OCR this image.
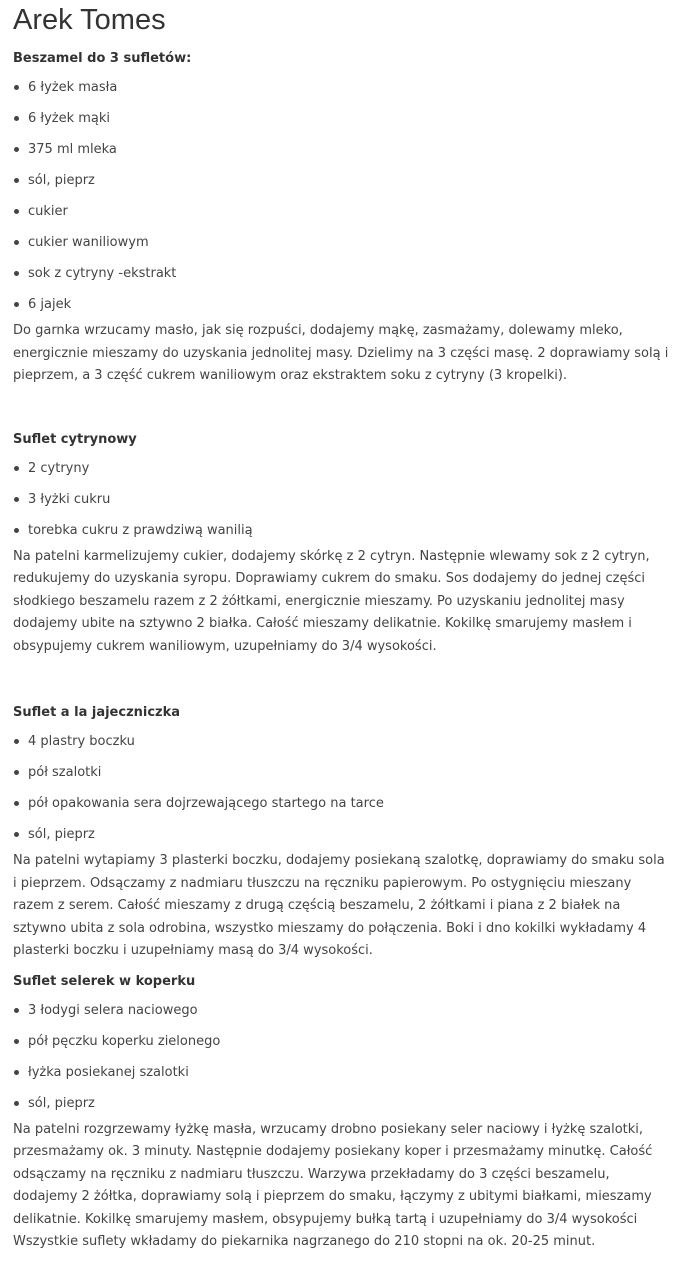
Arek Tomes
Beszamel do 3 sufletów:
6 łyżek masła
6 łyżek mąki
375 ml mleka
sól, pieprz
cukier
cukier waniliowym
sok z cytryny -ekstrakt
6 jajek

Do garnka wrzucamy masło, jak się rozpuści, dodajemy mąkę, zasmażamy, dolewamy mleko, energicznie mieszamy do uzyskania jednolitej masy. Dzielimy na 3 części masę. 2 doprawiamy solą i pieprzem, a 3 część cukrem waniliowym oraz ekstraktem soku z cytryny (3 kropelki).

Suflet cytrynowy
2 cytryny
3 łyżki cukru
torebka cukru z prawdziwą wanilią

Na patelni karmelizujemy cukier, dodajemy skórkę z 2 cytryn. Następnie wlewamy sok z 2 cytryn, redukujemy do uzyskania syropu. Doprawiamy cukrem do smaku. Sos dodajemy do jednej części słodkiego beszamelu razem z 2 żółtkami, energicznie mieszamy. Po uzyskaniu jednolitej masy dodajemy ubite na sztywno 2 białka. Całość mieszamy delikatnie. Kokilkę smarujemy masłem i obsypujemy cukrem waniliowym, uzupełniamy do 3/4 wysokości.

Suflet a la jajeczniczka
4 plastry boczku
pół szalotki
pół opakowania sera dojrzewającego startego na tarce
sól, pieprz

Na patelni wytapiamy 3 plasterki boczku, dodajemy posiekaną szalotkę, doprawiamy do smaku sola i pieprzem. Odsączamy z nadmiaru tłuszczu na ręczniku papierowym. Po ostygnięciu mieszany razem z serem. Całość mieszamy z drugą częścią beszamelu, 2 żółtkami i piana z 2 białek na sztywno ubita z sola odrobina, wszystko mieszamy do połączenia. Boki i dno kokilki wykładamy 4 plasterki boczku i uzupełniamy masą do 3/4 wysokości.

Suflet selerek w koperku
3 łodygi selera naciowego
pół pęczku koperku zielonego
łyżka posiekanej szalotki
sól, pieprz

Na patelni rozgrzewamy łyżkę masła, wrzucamy drobno posiekany seler naciowy i łyżkę szalotki, przesmażamy ok. 3 minuty. Następnie dodajemy posiekany koper i przesmażamy minutkę. Całość odsączamy na ręczniku z nadmiaru tłuszczu. Warzywa przekładamy do 3 części beszamelu, dodajemy 2 żółtka, doprawiamy solą i pieprzem do smaku, łączymy z ubitymi białkami, mieszamy delikatnie. Kokilkę smarujemy masłem, obsypujemy bułką tartą i uzupełniamy do 3/4 wysokości

Wszystkie suflety wkładamy do piekarnika nagrzanego do 210 stopni na ok. 20-25 minut.
